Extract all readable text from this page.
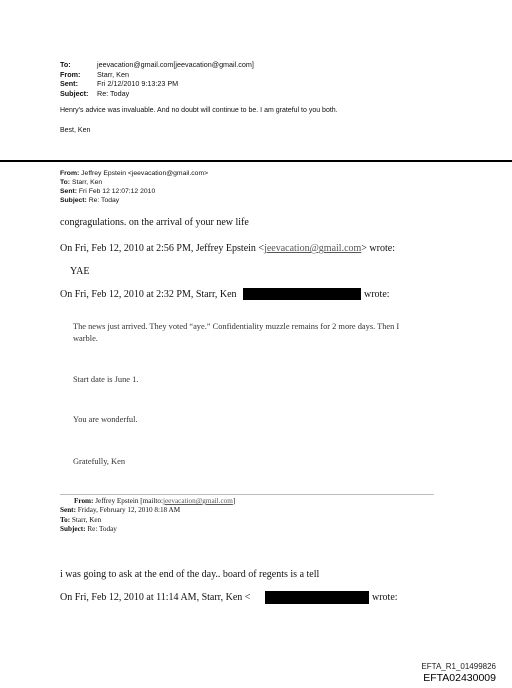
To:	jeevacation@gmail.com[jeevacation@gmail.com]
From: Starr, Ken
Sent:	Fri 2/12/2010 9:13:23 PM
Subject: Re: Today
Henry's advice was invaluable. And no doubt will continue to be. I am grateful to you both.
Best, Ken
From: Jeffrey Epstein <jeevacation@gmail.com>
To: Starr, Ken
Sent: Fri Feb 12 12:07:12 2010
Subject: Re: Today
congragulations. on the arrival of your new life
On Fri, Feb 12, 2010 at 2:56 PM, Jeffrey Epstein <jeevacation@gmail.com> wrote:
YAE
On Fri, Feb 12, 2010 at 2:32 PM, Starr, Ken	wrote:
The news just arrived. They voted “aye.” Confidentiality muzzle remains for 2 more days. Then I
warble.
Start date is June 1.
You are wonderful.
Gratefully, Ken
From: Jeffrey Epstein [mailto:jeevacation@gmail.com]
Sent: Friday, February 12, 2010 8:18 AM
To: Starr, Ken
Subject: Re: Today
i was going to ask at the end of the day.. board of regents is a tell
On Fri, Feb 12, 2010 at 11:14 AM, Starr, Ken <	wrote:
EFTA_R1_01499826
EFTA02430009
